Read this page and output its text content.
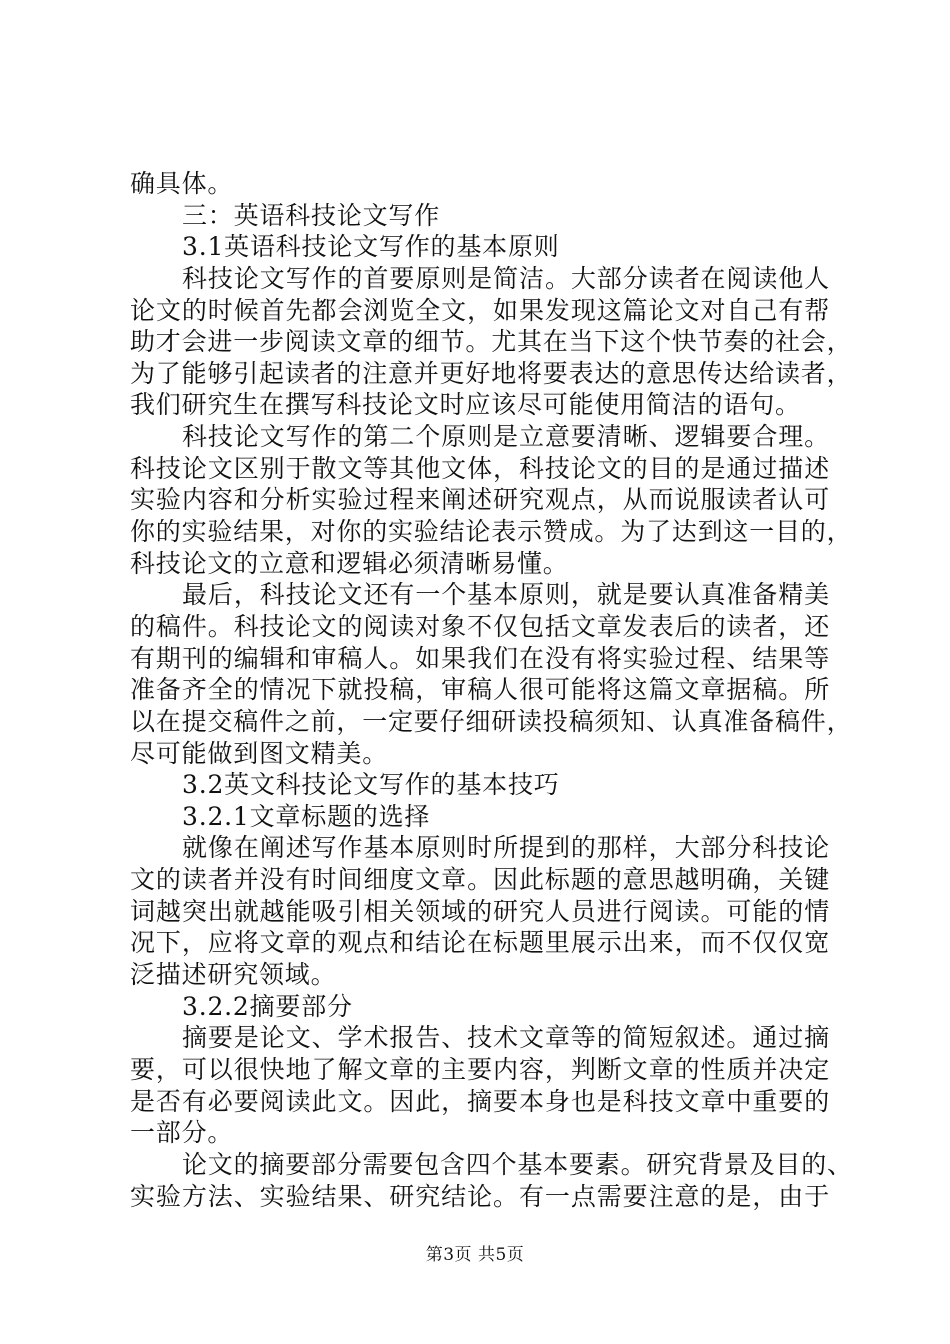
确具体。
三：英语科技论文写作
3.1英语科技论文写作的基本原则
科技论文写作的首要原则是简洁。大部分读者在阅读他人
论文的时候首先都会浏览全文，如果发现这篇论文对自己有帮
助才会进一步阅读文章的细节。尤其在当下这个快节奏的社会，
为了能够引起读者的注意并更好地将要表达的意思传达给读者，
我们研究生在撰写科技论文时应该尽可能使用简洁的语句。
科技论文写作的第二个原则是立意要清晰、逻辑要合理。
科技论文区别于散文等其他文体，科技论文的目的是通过描述
实验内容和分析实验过程来阐述研究观点，从而说服读者认可
你的实验结果，对你的实验结论表示赞成。为了达到这一目的，
科技论文的立意和逻辑必须清晰易懂。
最后，科技论文还有一个基本原则，就是要认真准备精美
的稿件。科技论文的阅读对象不仅包括文章发表后的读者，还
有期刊的编辑和审稿人。如果我们在没有将实验过程、结果等
准备齐全的情况下就投稿，审稿人很可能将这篇文章据稿。所
以在提交稿件之前，一定要仔细研读投稿须知、认真准备稿件，
尽可能做到图文精美。
3.2英文科技论文写作的基本技巧
3.2.1文章标题的选择
就像在阐述写作基本原则时所提到的那样，大部分科技论
文的读者并没有时间细度文章。因此标题的意思越明确，关键
词越突出就越能吸引相关领域的研究人员进行阅读。可能的情
况下，应将文章的观点和结论在标题里展示出来，而不仅仅宽
泛描述研究领域。
3.2.2摘要部分
摘要是论文、学术报告、技术文章等的简短叙述。通过摘
要，可以很快地了解文章的主要内容，判断文章的性质并决定
是否有必要阅读此文。因此，摘要本身也是科技文章中重要的
一部分。
论文的摘要部分需要包含四个基本要素。研究背景及目的、
实验方法、实验结果、研究结论。有一点需要注意的是，由于
第3页 共5页
